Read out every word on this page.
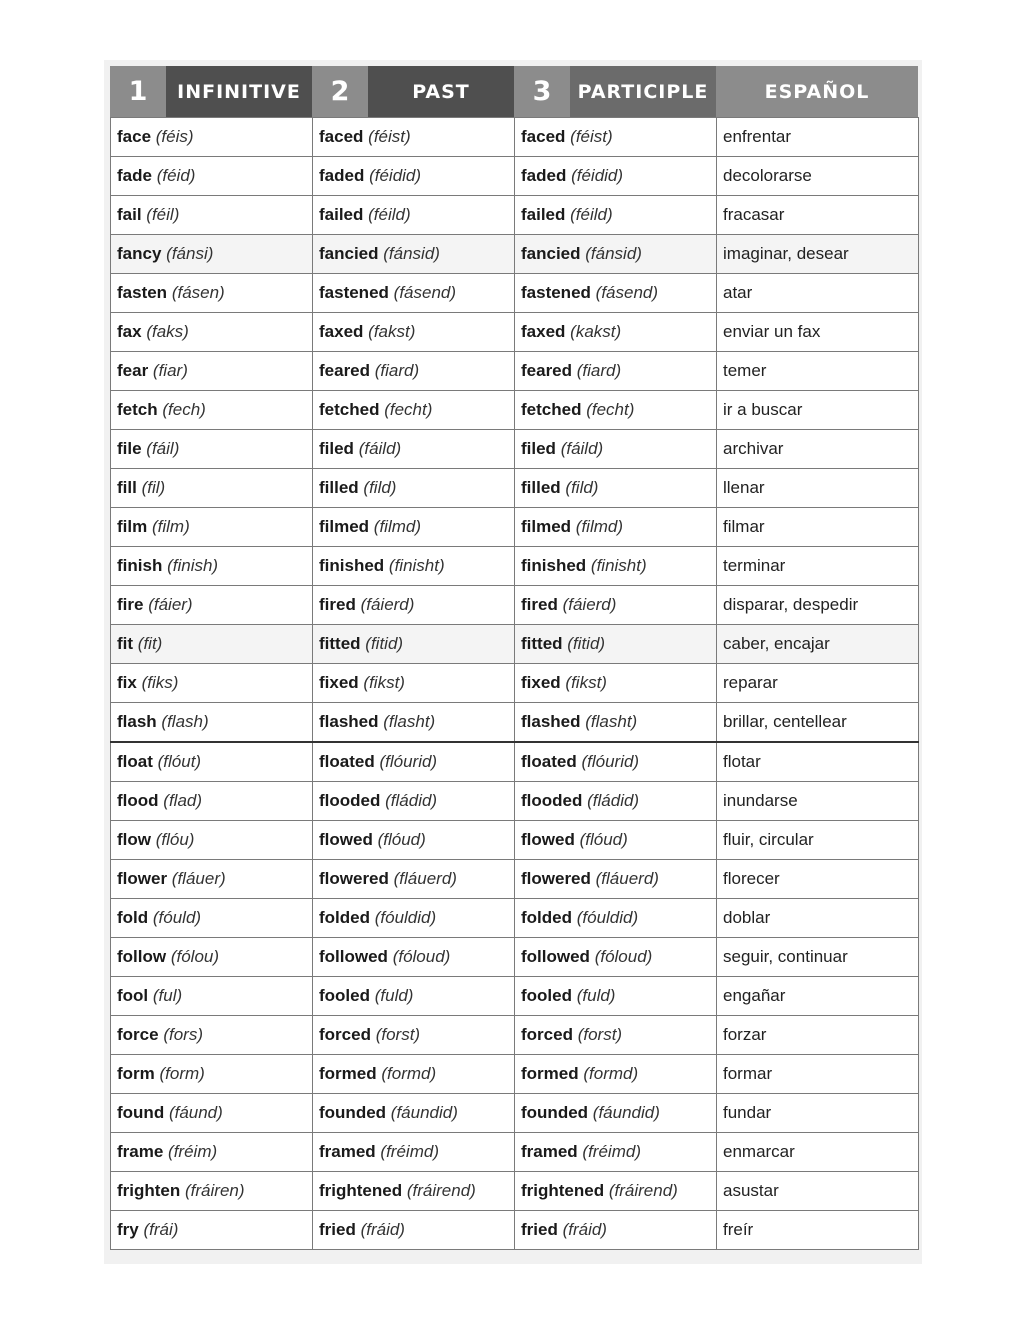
1	INFINITIVE	2	PAST	3	PARTICIPLE	ESPAÑOL
face (féis)	faced (féist)	faced (féist)	enfrentar
fade (féid)	faded (féidid)	faded (féidid)	decolorarse
fail (féil)	failed (féild)	failed (féild)	fracasar
fancy (fánsi)	fancied (fánsid)	fancied (fánsid)	imaginar, desear
fasten (fásen)	fastened (fásend)	fastened (fásend)	atar
fax (faks)	faxed (fakst)	faxed (kakst)	enviar un fax
fear (fiar)	feared (fiard)	feared (fiard)	temer
fetch (fech)	fetched (fecht)	fetched (fecht)	ir a buscar
file (fáil)	filed (fáild)	filed (fáild)	archivar
fill (fil)	filled (fild)	filled (fild)	llenar
film (film)	filmed (filmd)	filmed (filmd)	filmar
finish (finish)	finished (finisht)	finished (finisht)	terminar
fire (fáier)	fired (fáierd)	fired (fáierd)	disparar, despedir
fit (fit)	fitted (fitid)	fitted (fitid)	caber, encajar
fix (fiks)	fixed (fikst)	fixed (fikst)	reparar
flash (flash)	flashed (flasht)	flashed (flasht)	brillar, centellear
float (flóut)	floated (flóurid)	floated (flóurid)	flotar
flood (flad)	flooded (fládid)	flooded (fládid)	inundarse
flow (flóu)	flowed (flóud)	flowed (flóud)	fluir, circular
flower (fláuer)	flowered (fláuerd)	flowered (fláuerd)	florecer
fold (fóuld)	folded (fóuldid)	folded (fóuldid)	doblar
follow (fólou)	followed (fóloud)	followed (fóloud)	seguir, continuar
fool (ful)	fooled (fuld)	fooled (fuld)	engañar
force (fors)	forced (forst)	forced (forst)	forzar
form (form)	formed (formd)	formed (formd)	formar
found (fáund)	founded (fáundid)	founded (fáundid)	fundar
frame (fréim)	framed (fréimd)	framed (fréimd)	enmarcar
frighten (fráiren)	frightened (fráirend)	frightened (fráirend)	asustar
fry (frái)	fried (fráid)	fried (fráid)	freír
